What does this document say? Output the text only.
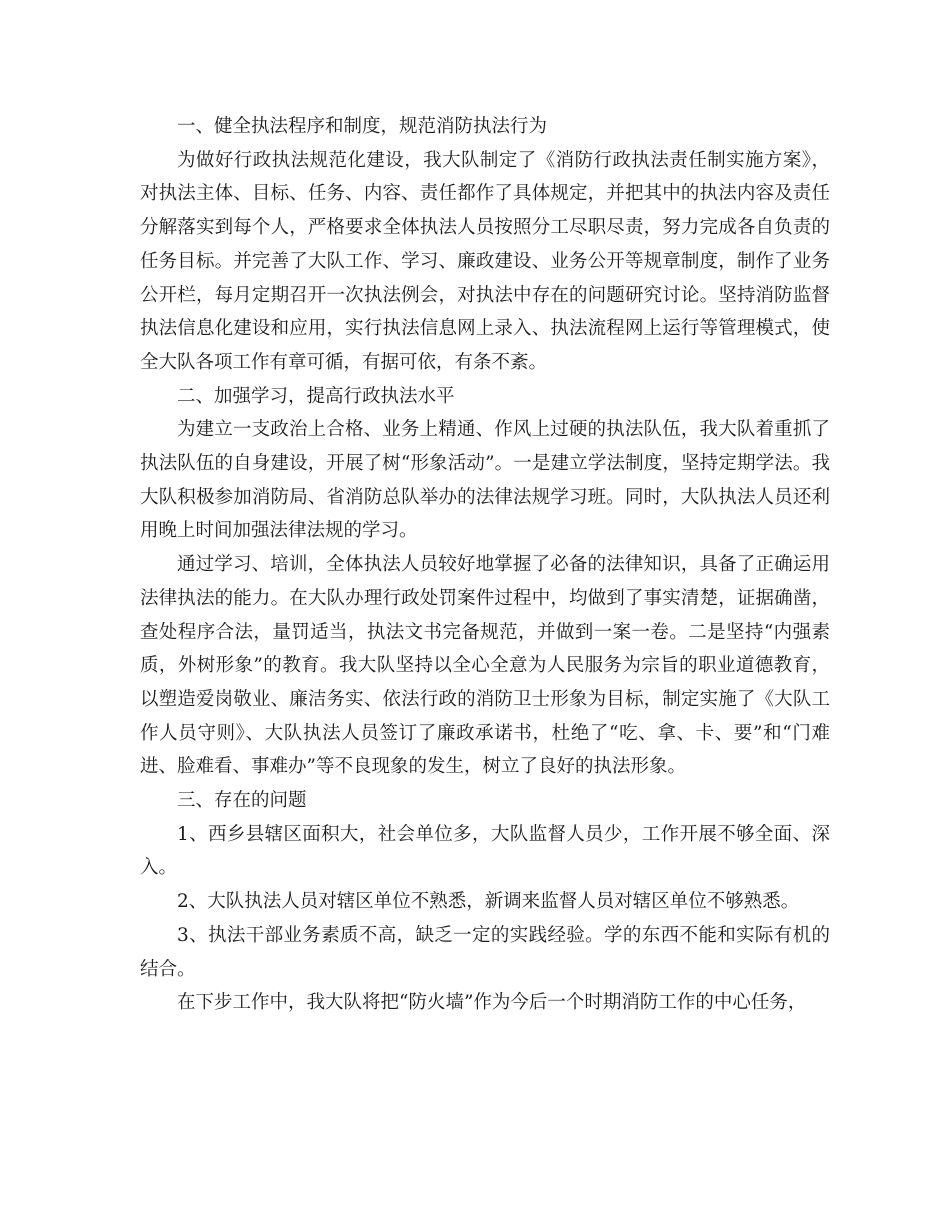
一、健全执法程序和制度，规范消防执法行为

为做好行政执法规范化建设，我大队制定了《消防行政执法责任制实施方案》，对执法主体、目标、任务、内容、责任都作了具体规定，并把其中的执法内容及责任分解落实到每个人，严格要求全体执法人员按照分工尽职尽责，努力完成各自负责的任务目标。并完善了大队工作、学习、廉政建设、业务公开等规章制度，制作了业务公开栏，每月定期召开一次执法例会，对执法中存在的问题研究讨论。坚持消防监督执法信息化建设和应用，实行执法信息网上录入、执法流程网上运行等管理模式，使全大队各项工作有章可循，有据可依，有条不紊。

二、加强学习，提高行政执法水平

为建立一支政治上合格、业务上精通、作风上过硬的执法队伍，我大队着重抓了执法队伍的自身建设，开展了树“形象活动”。一是建立学法制度，坚持定期学法。我大队积极参加消防局、省消防总队举办的法律法规学习班。同时，大队执法人员还利用晚上时间加强法律法规的学习。

通过学习、培训，全体执法人员较好地掌握了必备的法律知识，具备了正确运用法律执法的能力。在大队办理行政处罚案件过程中，均做到了事实清楚，证据确凿，查处程序合法，量罚适当，执法文书完备规范，并做到一案一卷。二是坚持“内强素质，外树形象”的教育。我大队坚持以全心全意为人民服务为宗旨的职业道德教育，以塑造爱岗敬业、廉洁务实、依法行政的消防卫士形象为目标，制定实施了《大队工作人员守则》、大队执法人员签订了廉政承诺书，杜绝了“吃、拿、卡、要”和“门难进、脸难看、事难办”等不良现象的发生，树立了良好的执法形象。

三、存在的问题

1、西乡县辖区面积大，社会单位多，大队监督人员少，工作开展不够全面、深入。

2、大队执法人员对辖区单位不熟悉，新调来监督人员对辖区单位不够熟悉。

3、执法干部业务素质不高，缺乏一定的实践经验。学的东西不能和实际有机的结合。

在下步工作中，我大队将把“防火墙”作为今后一个时期消防工作的中心任务，
